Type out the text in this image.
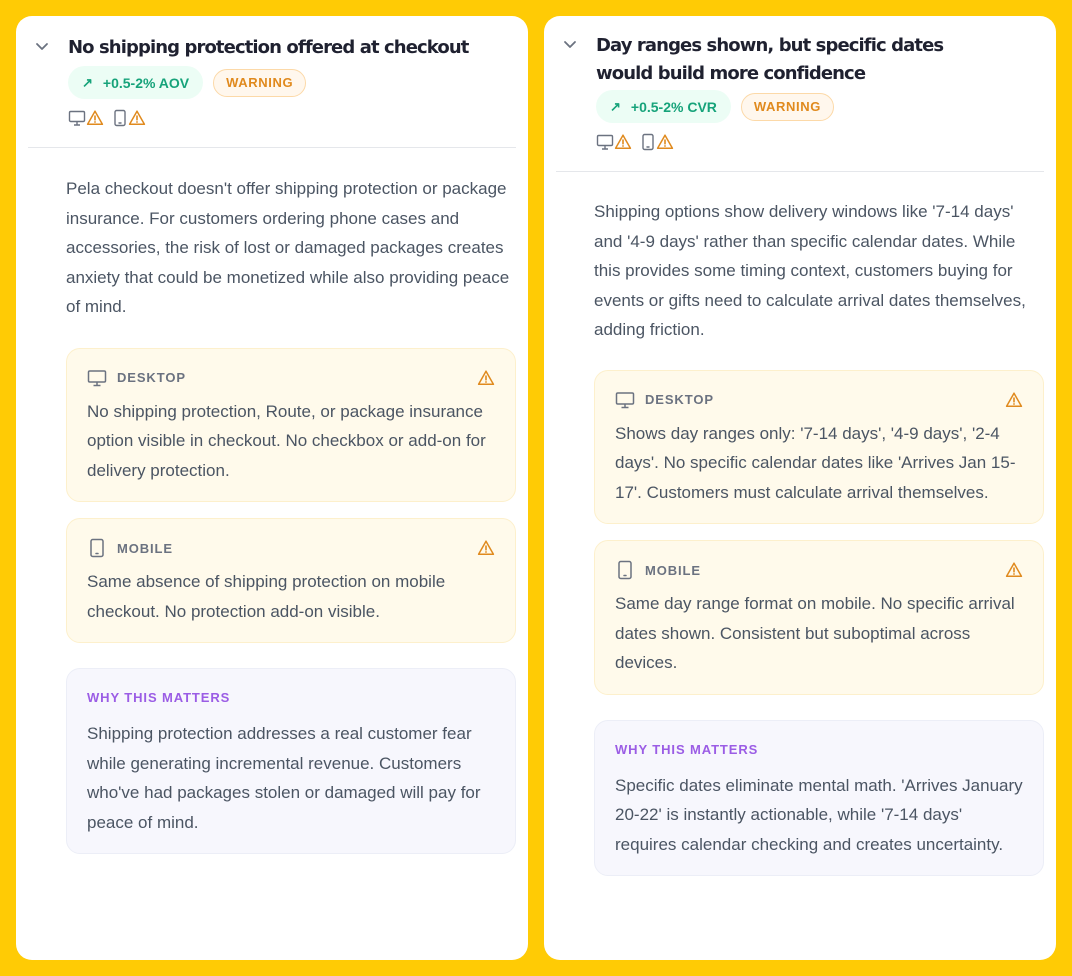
No shipping protection offered at checkout
↗ +0.5-2% AOV	WARNING

Pela checkout doesn't offer shipping protection or package insurance. For customers ordering phone cases and accessories, the risk of lost or damaged packages creates anxiety that could be monetized while also providing peace of mind.

DESKTOP

No shipping protection, Route, or package insurance option visible in checkout. No checkbox or add-on for delivery protection.

MOBILE

Same absence of shipping protection on mobile checkout. No protection add-on visible.

WHY THIS MATTERS

Shipping protection addresses a real customer fear while generating incremental revenue. Customers who've had packages stolen or damaged will pay for peace of mind.

Day ranges shown, but specific dates
would build more confidence
↗ +0.5-2% CVR	WARNING

Shipping options show delivery windows like '7-14 days' and '4-9 days' rather than specific calendar dates. While this provides some timing context, customers buying for events or gifts need to calculate arrival dates themselves, adding friction.

DESKTOP

Shows day ranges only: '7-14 days', '4-9 days', '2-4 days'. No specific calendar dates like 'Arrives Jan 15-17'. Customers must calculate arrival themselves.

MOBILE

Same day range format on mobile. No specific arrival dates shown. Consistent but suboptimal across devices.

WHY THIS MATTERS

Specific dates eliminate mental math. 'Arrives January 20-22' is instantly actionable, while '7-14 days' requires calendar checking and creates uncertainty.
